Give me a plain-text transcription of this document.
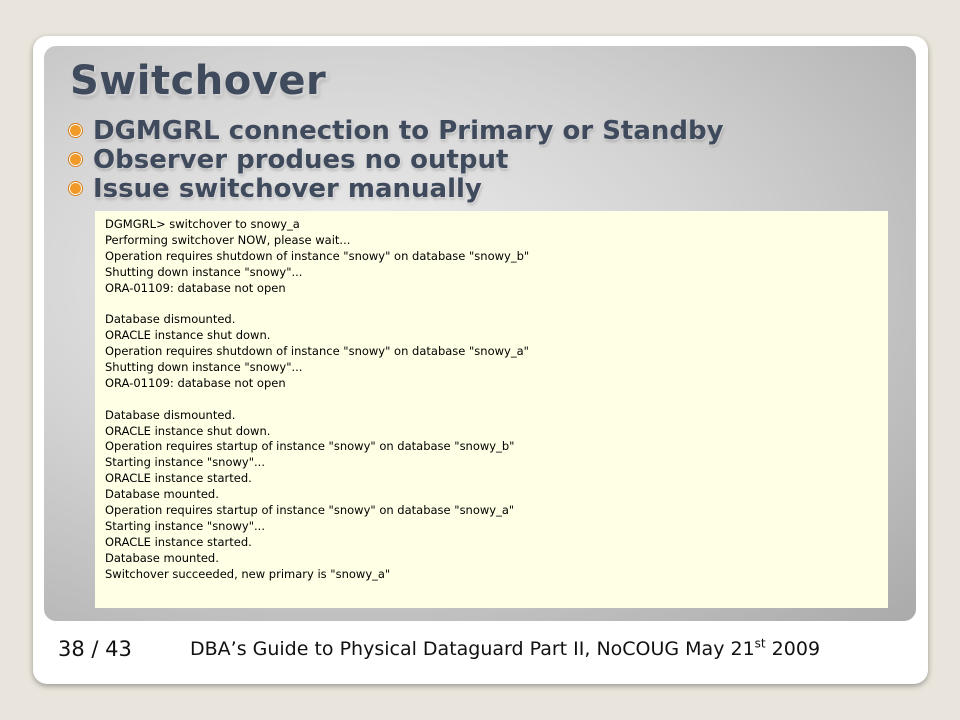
Switchover
DGMGRL connection to Primary or Standby
Observer produes no output
Issue switchover manually
DGMGRL> switchover to snowy_a
Performing switchover NOW, please wait...
Operation requires shutdown of instance "snowy" on database "snowy_b"
Shutting down instance "snowy"...
ORA-01109: database not open
Database dismounted.
ORACLE instance shut down.
Operation requires shutdown of instance "snowy" on database "snowy_a"
Shutting down instance "snowy"...
ORA-01109: database not open
Database dismounted.
ORACLE instance shut down.
Operation requires startup of instance "snowy" on database "snowy_b"
Starting instance "snowy"...
ORACLE instance started.
Database mounted.
Operation requires startup of instance "snowy" on database "snowy_a"
Starting instance "snowy"...
ORACLE instance started.
Database mounted.
Switchover succeeded, new primary is "snowy_a"
38 / 43	DBA’s Guide to Physical Dataguard Part II, NoCOUG May 21st 2009
